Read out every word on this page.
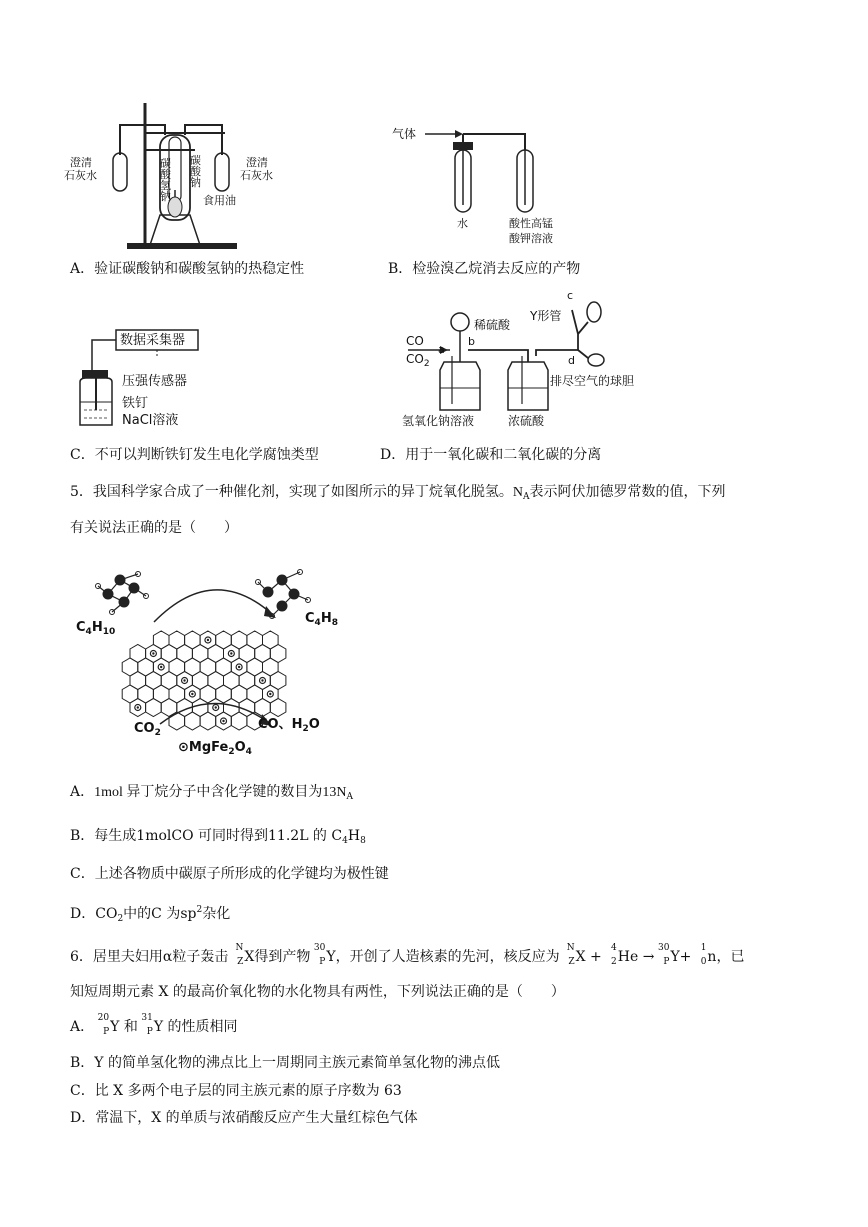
澄清
石灰水
碳
酸
氢
钠
碳
酸
钠
食用油
澄清
石灰水
气体
水	酸性高锰
酸钾溶液
A．验证碳酸钠和碳酸氢钠的热稳定性	B．检验溴乙烷消去反应的产物
数据采集器
压强传感器
铁钉
NaCl溶液
CO
$CO_2$
a
b
c
d
稀硫酸
Y形管
排尽空气的球胆
氢氧化钠溶液	浓硫酸
C．不可以判断铁钉发生电化学腐蚀类型	D．用于一氧化碳和二氧化碳的分离
5．我国科学家合成了一种催化剂，实现了如图所示的异丁烷氧化脱氢。$N_A$表示阿伏加德罗常数的值，下列
有关说法正确的是（　　）
$C_4H_{10}$
$C_4H_8$
$CO_2$
CO、$H_2O$
$⊙MgFe_2O_4$
A．1mol 异丁烷分子中含化学键的数目为$13N_A$
B．每生成1molCO 可同时得到11.2L 的 $C_4H_8$
C．上述各物质中碳原子所形成的化学键均为极性键
D．$CO_2$中的C 为$sp^2$杂化
6．居里夫妇用α粒子轰击
N
Z X得到产物
30
P Y，开创了人造核素的先河，核反应为
N
Z X +
4
2 He →
30
P Y+
1
0 n，已
知短周期元素 X 的最高价氧化物的水化物具有两性，下列说法正确的是（　　）
A．
20
P Y 和
31
P Y 的性质相同
B．Y 的简单氢化物的沸点比上一周期同主族元素简单氢化物的沸点低
C．比 X 多两个电子层的同主族元素的原子序数为 63
D．常温下，X 的单质与浓硝酸反应产生大量红棕色气体
